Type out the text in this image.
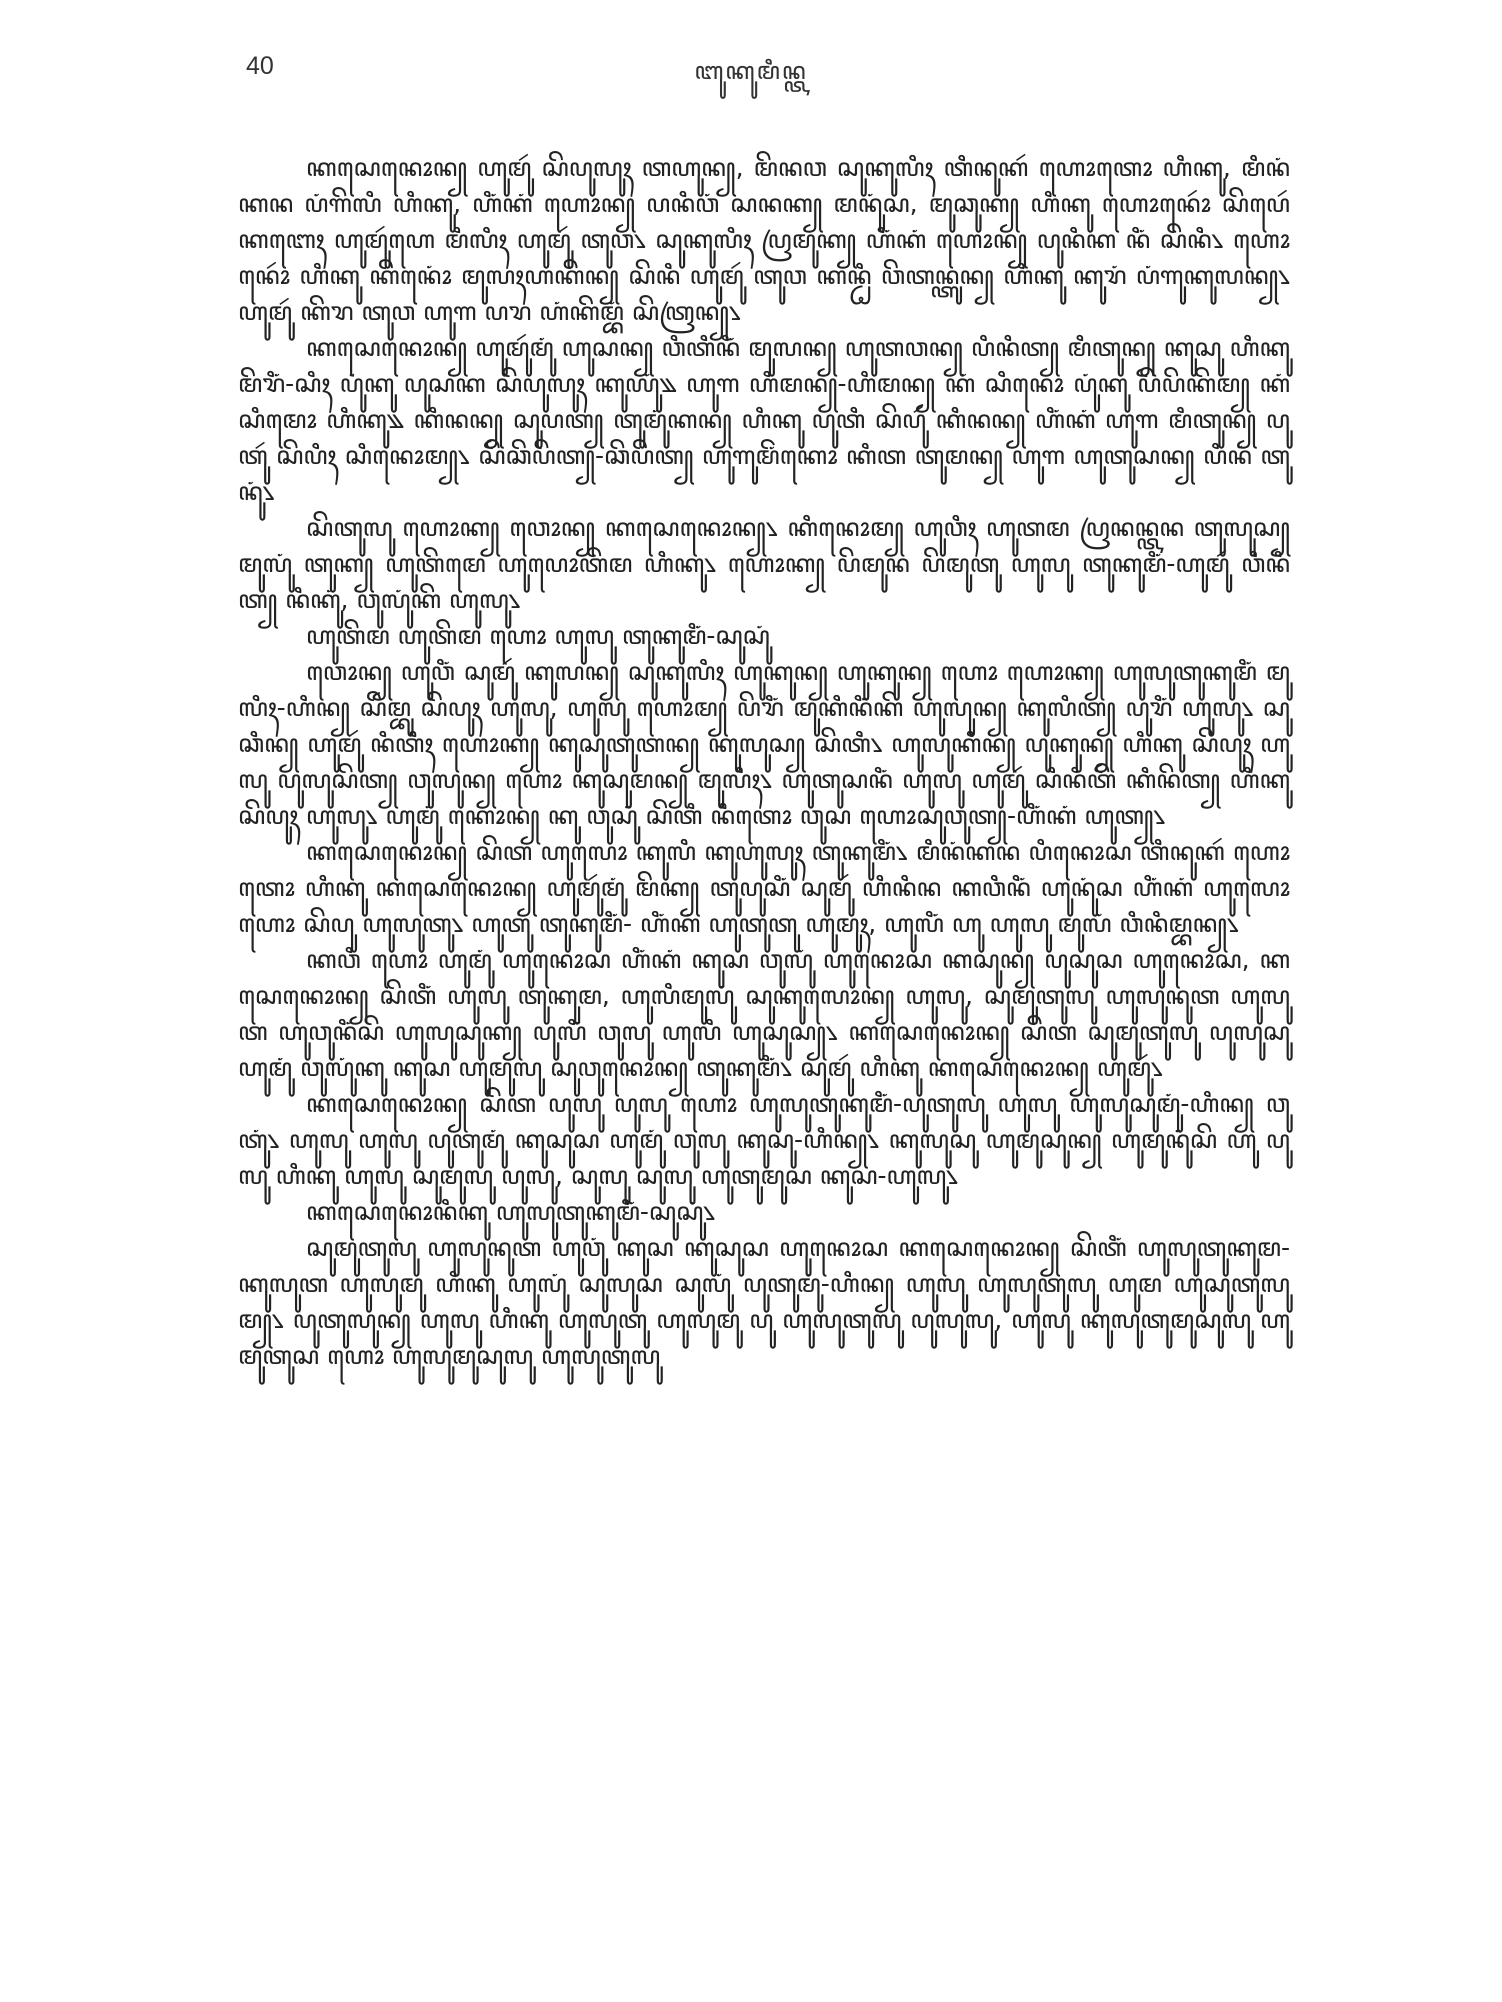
40	ꦧꦸꦏꦸꦩꦶꦤ꧀ꦠ

ꦏꦱꦺꦤꦺꦴꦤ꧀ ꦲꦸꦩꦸꦂ ꦱꦼꦥꦸꦭꦸꦃ ꦠꦲꦸꦤ꧀, ꦩꦼꦤꦮ ꦱꦸꦏꦸꦭꦶꦃ ꦠꦶꦤꦸꦏꦂ ꦲꦺꦴꦠꦺꦴ ꦲꦶꦏꦸ, ꦩꦶꦤꦁꦏꦤ ꦥꦁꦒꦼꦭꦶ ꦲꦶꦏꦸ, ꦲꦶꦁꦏꦁ ꦲꦺꦴꦤ꧀ ꦥꦤꦶꦮꦁ ꦱꦤꦏ꧀ ꦩꦤꦸꦁꦱ, ꦩꦸꦕꦸꦏ꧀ ꦲꦶꦏꦸ ꦲꦺꦴꦤꦺꦴꦂ ꦱꦼꦥꦺꦂ ꦏꦧꦺꦃ ꦲꦸꦩꦸꦂꦲꦺ ꦩꦶꦭꦶꦃ ꦲꦸꦩꦸꦂ ꦠꦸꦮ꧈ ꦱꦸꦏꦸꦭꦶꦃ ꦥꦿꦩꦸꦏ꧀ ꦲꦶꦁꦏꦁ ꦲꦺꦴꦤ꧀ ꦥꦸꦤꦶꦏ ꦤꦶꦁ ꦱꦼꦤꦶ꧈ ꦲꦺꦴꦤꦺꦴꦂ ꦲꦶꦏꦸ ꦏꦼꦤꦺꦴꦁ ꦩꦸꦭꦃꦲꦏꦼꦤ꧀ ꦱꦼꦤꦶ ꦲꦸꦩꦸꦂ ꦠꦸꦮ ꦏꦤ꧀ꦛꦶ ꦮꦼꦠꦤ꧀ꦠꦸꦤ꧀ ꦲꦶꦏꦸ ꦏꦸꦫꦁ ꦥꦁꦒꦸꦏꦸꦭꦤ꧀꧈ ꦲꦸꦩꦸꦂ ꦏꦼꦫ ꦠꦸꦮ ꦲꦸꦒ ꦥꦫ ꦲꦁꦏꦼꦩ꧀ꦧꦁ ꦱꦼꦠꦿꦤ꧀꧈

ꦏꦱꦺꦤꦺꦴꦤ꧀ ꦲꦸꦩꦸꦂꦩꦸꦁ ꦲꦸꦱꦤ꧀ ꦮꦶꦠꦶꦤꦶꦁ ꦩꦸꦭꦤ꧀ ꦲꦸꦠꦮꦤ꧀ ꦥꦶꦤꦶꦠ꧀ ꦩꦶꦠꦸꦤ꧀ ꦏꦸꦱꦸ ꦲꦶꦏꦸ ꦩꦼꦫꦶꦁ-ꦱꦶꦃ ꦥꦸꦁꦏꦸ ꦥꦸꦱꦏ ꦱꦼꦥꦸꦭꦸꦃ ꦏꦸꦪꦸꦁ꧉ ꦲꦸꦒ ꦲꦶꦩꦤ꧀-ꦲꦶꦩꦤ꧀ ꦏꦁ ꦱꦶꦤꦺꦴ ꦥꦸꦁꦏꦸ ꦥꦼꦥꦼꦏꦼꦩ꧀ ꦏꦁ ꦱꦶꦩꦺꦴ ꦲꦶꦏꦸ꧉ ꦏꦶꦤꦤ꧀ ꦱꦸꦥꦠ꧀ ꦠꦸꦩꦸꦁꦏꦤ꧀ ꦲꦶꦏꦸ ꦥꦸꦠꦶ ꦱꦼꦥꦸꦂ ꦏꦶꦤꦤ꧀ ꦲꦶꦁꦏꦁ ꦲꦸꦒ ꦩꦶꦠꦸꦤ꧀ ꦥꦸꦠꦸꦂ ꦱꦼꦥꦶꦃ ꦱꦶꦤꦺꦴꦩ꧀꧈ ꦱꦼꦕꦼꦥꦼꦠ꧀-ꦕꦼꦥꦼꦠ꧀ ꦲꦸꦒꦸꦩꦼꦁꦏꦺꦴ ꦏꦶꦠ ꦠꦸꦩꦤ꧀ ꦲꦸꦒ ꦲꦸꦠꦸꦱꦤ꧀ ꦥꦶꦤꦁ ꦠꦸꦤꦸꦁ꧈

ꦱꦼꦠꦸꦭꦸ ꦲꦺꦴꦏ꧀ ꦮꦺꦴꦤ꧀ ꦏꦱꦺꦤꦺꦴꦤ꧀꧈ ꦏꦶꦤꦺꦴꦩ꧀ ꦲꦸꦮꦶꦃ ꦲꦸꦠꦩ ꦥꦿꦤꦤ꧀ꦠꦤ ꦠꦸꦭꦸꦱ꧀ ꦩꦸꦭꦸꦁ ꦠꦸꦏ꧀ ꦲꦸꦠꦼꦩꦺ ꦲꦸꦥꦺꦴꦠꦼꦩ ꦲꦶꦏꦸ꧈ ꦲꦺꦴꦏ꧀ ꦥꦼꦩꦸꦤ ꦥꦼꦩꦸꦠꦸ ꦲꦸꦭꦸ ꦠꦸꦏꦸꦩꦶꦁ-ꦲꦸꦩꦸꦂ ꦮꦶꦤꦶꦠ꧀ ꦤꦶꦏꦸꦁ, ꦮꦸꦭꦸꦁꦏꦼ ꦲꦸꦭꦸ꧈

ꦲꦸꦠꦼꦩ ꦲꦸꦠꦼꦩ ꦲꦺꦴ ꦲꦸꦭꦸ ꦠꦸꦏꦸꦩꦶꦁ-ꦱꦸꦱꦸꦁ

ꦮꦺꦴꦤ꧀ ꦲꦸꦮꦶꦁ ꦱꦸꦩꦸꦂ ꦏꦸꦭꦤ꧀ ꦱꦸꦏꦸꦭꦶꦃ ꦲꦸꦏꦸꦤ꧀ ꦲꦸꦏꦸꦤ꧀ ꦲꦺꦴ ꦲꦺꦴꦏ꧀ ꦲꦸꦭꦸꦠꦸꦏꦸꦩꦶꦁ ꦩꦸꦭꦶꦃ-ꦲꦶꦤ꧀ ꦱꦼꦩ꧀ꦧꦸ ꦱꦼꦥꦸꦃ ꦲꦸꦭꦸ, ꦲꦸꦭꦸ ꦲꦺꦴꦩ꧀ ꦥꦼꦫꦶꦁ ꦩꦸꦏꦶꦤꦶꦁꦏꦼ ꦲꦸꦭꦸꦤ꧀ ꦏꦸꦭꦶꦠ꧀ ꦥꦸꦫꦶꦁ ꦲꦸꦭꦸ꧈ ꦱꦸꦕꦶꦤ꧀ ꦲꦸꦩꦸꦂ ꦤꦶꦠꦶꦃ ꦲꦺꦴꦏ꧀ ꦏꦸꦱꦸꦠꦸꦠꦤ꧀ ꦏꦸꦭꦸꦱ꧀ ꦱꦼꦠꦶ꧈ ꦲꦸꦭꦸꦏꦶꦤ꧀ ꦥꦸꦏꦸꦤ꧀ ꦲꦶꦏꦸ ꦱꦼꦥꦸꦃ ꦲꦸꦭꦸ ꦥꦸꦭꦸꦱꦼꦠ꧀ ꦮꦸꦭꦸꦤ꧀ ꦲꦺꦴ ꦏꦸꦱꦸꦩꦤ꧀ ꦩꦸꦭꦶꦃ꧈ ꦲꦸꦠꦸꦱꦤꦶꦁ ꦲꦸꦭꦸ ꦲꦸꦩꦸꦂ ꦱꦶꦤꦶꦠꦼ ꦏꦶꦤꦼꦠ꧀ ꦲꦶꦏꦸ ꦱꦼꦥꦸꦃ ꦲꦸꦭꦸ꧈ ꦲꦸꦩꦸꦁ ꦏꦺꦴꦤ꧀ ꦏꦸ ꦮꦸꦱꦸꦁ ꦱꦼꦠꦶ ꦤꦶꦠꦺꦴ ꦮꦸꦱ ꦲꦺꦴꦱꦸꦮꦸꦠ꧀-ꦲꦶꦁꦏꦁ ꦲꦸꦠ꧀꧈

ꦏꦱꦺꦤꦺꦴꦤ꧀ ꦱꦼꦠ ꦲꦸꦭꦺꦴ ꦏꦸꦭꦶ ꦏꦸꦲꦸꦭꦸꦃ ꦠꦸꦏꦸꦩꦶꦁ꧈ ꦩꦶꦤꦁꦏꦤ ꦥꦶꦤꦺꦴꦱ ꦠꦶꦤꦸꦏꦂ ꦲꦺꦴꦠꦺꦴ ꦲꦶꦏꦸ ꦏꦱꦺꦤꦺꦴꦤ꧀ ꦲꦸꦩꦸꦂꦩꦸꦁ ꦩꦼꦏ꧀ ꦠꦸꦥꦸꦱꦶꦁ ꦱꦸꦩꦸꦂ ꦲꦶꦤꦶꦤ ꦏꦮꦶꦤꦶꦁ ꦲꦸꦤꦸꦁꦱ ꦲꦶꦁꦏꦁ ꦲꦸꦭꦺꦴ ꦲꦺꦴ ꦱꦼꦥꦸ ꦲꦸꦭꦸꦠꦸ꧈ ꦲꦸꦠꦸ ꦠꦸꦏꦸꦩꦶꦁ- ꦲꦶꦁꦏꦁ ꦲꦸꦠꦸꦠꦸ ꦲꦸꦩꦸꦃ, ꦲꦸꦭꦶꦁ ꦲꦸ ꦲꦸꦭꦸ ꦩꦸꦭꦁ ꦮꦶꦤꦶꦩ꧀ꦧꦤ꧀꧈

ꦏꦮꦶ ꦲꦺꦴ ꦲꦸꦩꦸꦁ ꦲꦸꦤꦺꦴꦱ ꦲꦶꦁꦏꦁ ꦏꦸꦱ ꦮꦸꦭꦸꦁ ꦲꦸꦤꦺꦴꦱ ꦏꦱꦸꦤ꧀ ꦥꦸꦱꦸꦱ ꦲꦸꦤꦺꦴꦱ, ꦏꦱꦺꦤꦺꦴꦤ꧀ ꦱꦼꦠꦶꦁ ꦲꦸꦭꦸ ꦠꦸꦏꦸꦩ, ꦲꦸꦭꦶꦩꦸꦭꦸꦁ ꦱꦸꦏꦸꦭꦺꦴꦤ꧀ ꦲꦸꦭꦸ, ꦱꦸꦩꦸꦠꦸꦭꦸ ꦲꦸꦭꦸꦤꦸꦠ ꦲꦸꦭꦸꦠ ꦲꦸꦮꦸꦤꦶꦁꦱꦼ ꦲꦸꦭꦸꦱꦸꦏ꧀ ꦥꦸꦭꦶꦁ ꦮꦸꦭꦸ ꦲꦸꦭꦶ ꦲꦸꦱꦸꦱ꧀꧈ ꦏꦱꦺꦤꦺꦴꦤ꧀ ꦱꦼꦠ ꦱꦸꦩꦸꦠꦸꦭꦸ ꦥꦸꦭꦸꦱꦸ ꦲꦸꦩꦸꦁ ꦮꦸꦭꦸꦁꦏꦸ ꦏꦸꦱ ꦲꦸꦩꦸꦭꦸ ꦱꦸꦮꦸꦤꦺꦴꦤ꧀ ꦠꦸꦏꦸꦩꦶꦁ꧈ ꦱꦸꦩꦸꦂ ꦲꦶꦏꦸ ꦏꦱꦺꦤꦺꦴꦤ꧀ ꦲꦸꦩꦸꦂ꧈

ꦏꦱꦺꦤꦺꦴꦤ꧀ ꦱꦼꦠ ꦥꦸꦭꦸ ꦥꦸꦭꦸ ꦲꦺꦴ ꦲꦸꦭꦸꦠꦸꦏꦸꦩꦶꦁ-ꦥꦸꦠꦸꦭꦸ ꦲꦸꦭꦸ ꦲꦸꦭꦸꦱꦸꦩꦸꦁ-ꦲꦶꦤ꧀ ꦮꦸꦠꦸꦁ꧈ ꦲꦸꦭꦸ ꦲꦸꦭꦸ ꦥꦸꦠꦸꦩꦸꦁ ꦏꦸꦱꦸꦱ ꦲꦸꦩꦸꦁ ꦮꦸꦭꦸ ꦏꦸꦱꦸ-ꦲꦶꦤ꧀꧈ ꦏꦸꦭꦸꦱꦸ ꦲꦸꦩꦸꦱꦸꦤ꧀ ꦲꦸꦩꦸꦤꦸꦁꦱꦼ ꦲꦸ ꦥꦸꦭꦸ ꦲꦶꦏꦸ ꦲꦸꦭꦸ ꦱꦸꦩꦸꦭꦸ ꦥꦸꦭꦸ, ꦱꦸꦭꦸ ꦱꦸꦭꦸ ꦲꦸꦠꦸꦩꦸꦱ ꦏꦸꦱ-ꦲꦸꦭꦸ꧈

ꦏꦱꦺꦤꦺꦴꦤꦶꦏꦸ ꦲꦸꦭꦸꦠꦸꦏꦸꦩꦶꦁ-ꦱꦸꦱꦸꦁ꧈

ꦱꦸꦩꦸꦠꦸꦭꦸ ꦲꦸꦭꦸꦤꦸꦠ ꦲꦸꦮꦸꦁ ꦏꦸꦱ ꦏꦸꦱꦸꦱ ꦲꦸꦤꦺꦴꦱ ꦏꦱꦺꦤꦺꦴꦤ꧀ ꦱꦼꦠꦶꦁ ꦲꦸꦭꦸꦠꦸꦏꦸꦩ-ꦏꦸꦭꦸꦠ ꦲꦸꦭꦸꦩꦸ ꦲꦶꦏꦸ ꦲꦸꦭꦸꦁ ꦱꦸꦭꦸꦱ ꦱꦸꦭꦸꦁ ꦥꦸꦠꦸꦩꦸꦁ-ꦲꦶꦤ꧀ ꦲꦸꦭꦸ ꦲꦸꦭꦸꦠꦸꦭꦸ ꦲꦸꦩ ꦲꦸꦱꦸꦠꦸꦭꦸꦩ꧀꧈ ꦥꦸꦠꦸꦭꦸꦤ꧀ ꦲꦸꦭꦸ ꦲꦶꦏꦸ ꦲꦸꦭꦸꦠꦸ ꦲꦸꦭꦸꦩꦸ ꦥꦸ ꦲꦸꦭꦸꦠꦸꦭꦸ ꦥꦸꦭꦸꦭꦸ, ꦲꦸꦭꦸ ꦏꦸꦭꦸꦠꦸꦩꦸꦱꦸꦭꦸ ꦲꦸꦩꦸꦠꦸꦱ ꦲꦺꦴ ꦲꦸꦭꦸꦩꦸꦱꦸꦭꦸ ꦲꦸꦭꦸꦠꦸꦭꦸ
